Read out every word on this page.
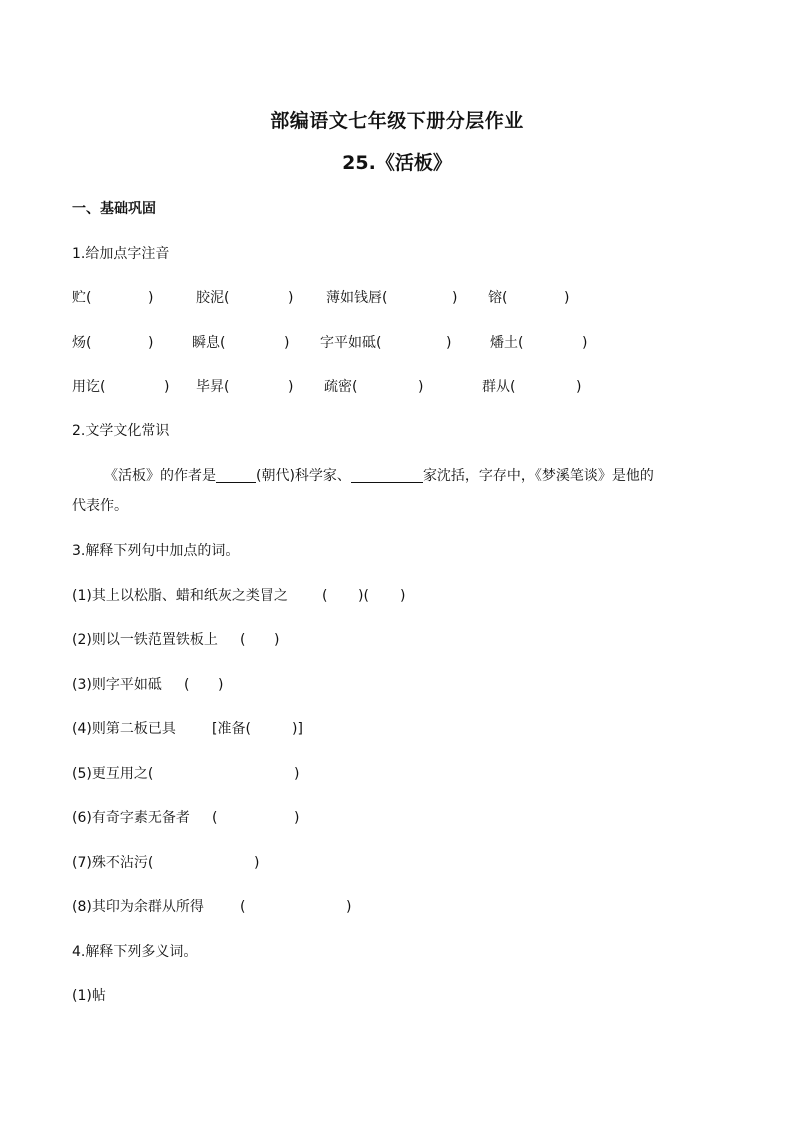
部编语文七年级下册分层作业
25.《活板》
一、基础巩固
1.给加点字注音
贮(	)	胶泥(	) 薄如钱唇(	) 镕(	)
炀(	)	瞬息(	) 字平如砥(	)	燔土(	)
用讫(	) 毕昇(	) 疏密(	)	群从(	)
2.文学文化常识
《活板》的作者是	(朝代)科学家、	家沈括，字存中，《梦溪笔谈》是他的
代表作。
3.解释下列句中加点的词。
(1)其上以松脂、蜡和纸灰之类冒之 ( )( )
(2)则以一铁范置铁板上 ( )
(3)则字平如砥 ( )
(4)则第二板已具	[准备(	)]
(5)更互用之(	)
(6)有奇字素无备者 (	)
(7)殊不沾污(	)
(8)其印为余群从所得	(	)
4.解释下列多义词。
(1)帖
